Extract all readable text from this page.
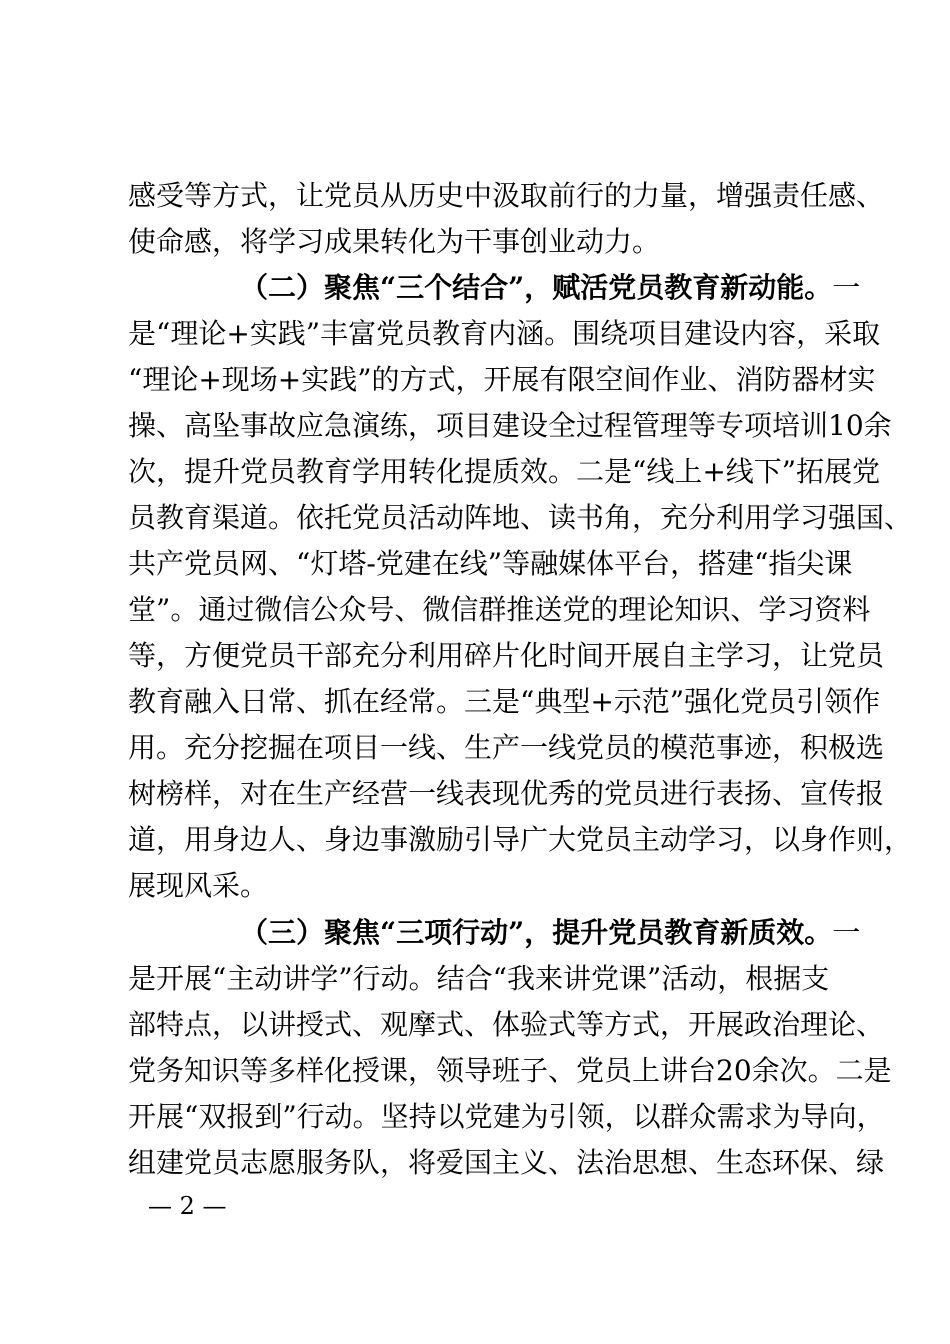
感受等方式，让党员从历史中汲取前行的力量，增强责任感、
使命感，将学习成果转化为干事创业动力。
（二）聚焦“三个结合”，赋活党员教育新动能。一
是“理论+实践”丰富党员教育内涵。围绕项目建设内容，采取
“理论+现场+实践”的方式，开展有限空间作业、消防器材实
操、高坠事故应急演练，项目建设全过程管理等专项培训10余
次，提升党员教育学用转化提质效。二是“线上+线下”拓展党
员教育渠道。依托党员活动阵地、读书角，充分利用学习强国、
共产党员网、“灯塔-党建在线”等融媒体平台，搭建“指尖课
堂”。通过微信公众号、微信群推送党的理论知识、学习资料
等，方便党员干部充分利用碎片化时间开展自主学习，让党员
教育融入日常、抓在经常。三是“典型+示范”强化党员引领作
用。充分挖掘在项目一线、生产一线党员的模范事迹，积极选
树榜样，对在生产经营一线表现优秀的党员进行表扬、宣传报
道，用身边人、身边事激励引导广大党员主动学习，以身作则，
展现风采。
（三）聚焦“三项行动”，提升党员教育新质效。一
是开展“主动讲学”行动。结合“我来讲党课”活动，根据支
部特点，以讲授式、观摩式、体验式等方式，开展政治理论、
党务知识等多样化授课，领导班子、党员上讲台20余次。二是
开展“双报到”行动。坚持以党建为引领，以群众需求为导向，
组建党员志愿服务队，将爱国主义、法治思想、生态环保、绿
— 2 —
